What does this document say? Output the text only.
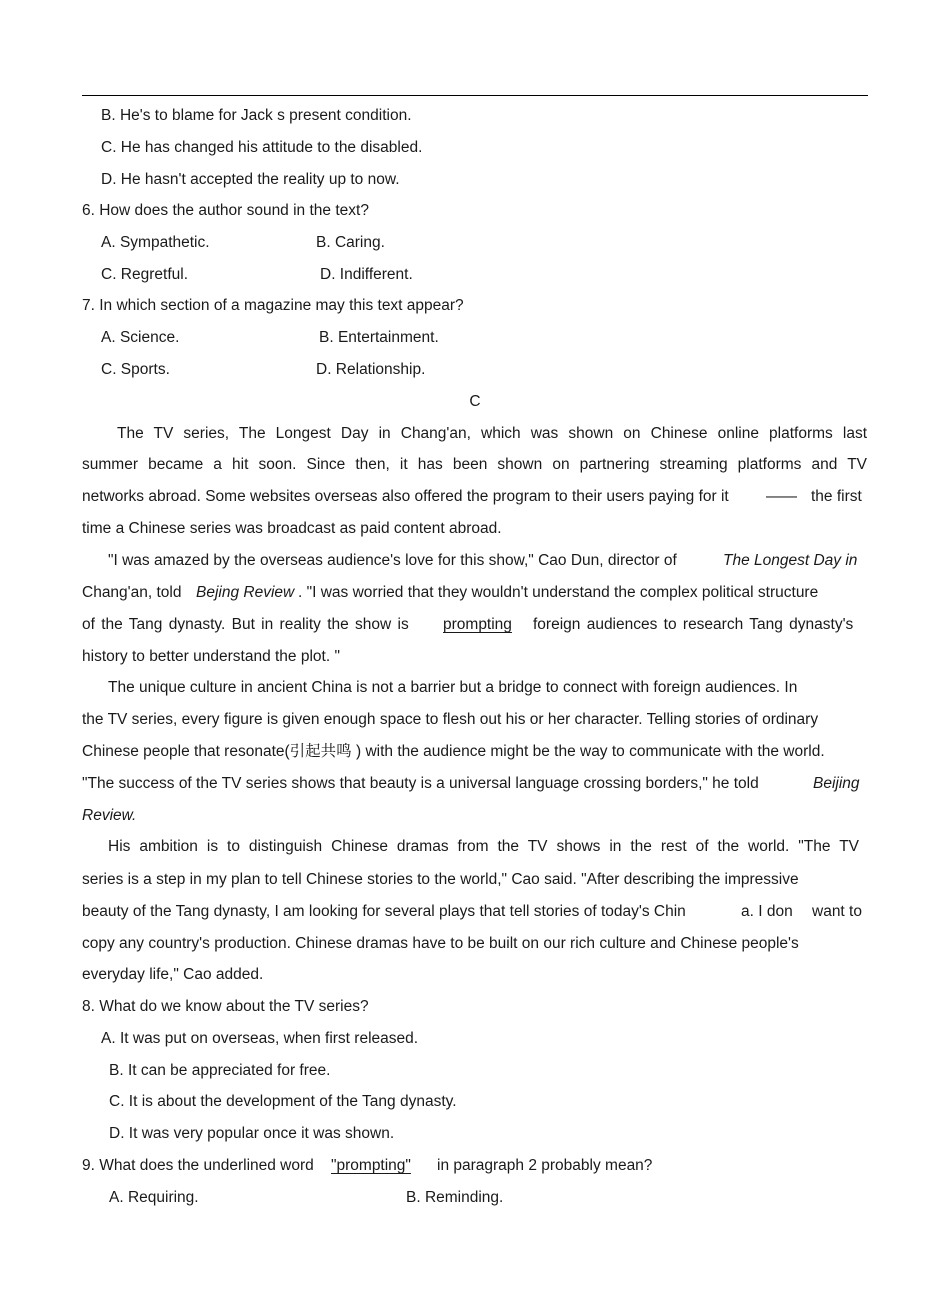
B. He's to blame for Jack s present condition.
C. He has changed his attitude to the disabled.
D. He hasn't accepted the reality up to now.
6. How does the author sound in the text?
A. Sympathetic.	B. Caring.
C. Regretful.	D. Indifferent.
7. In which section of a magazine may this text appear?
A. Science.	B. Entertainment.
C. Sports.	D. Relationship.
C
The TV series, The Longest Day in Chang'an, which was shown on Chinese online platforms last
summer became a hit soon. Since then, it has been shown on partnering streaming platforms and TV
networks abroad. Some websites overseas also offered the program to their users paying for it —— the first
time a Chinese series was broadcast as paid content abroad.
"I was amazed by the overseas audience's love for this show," Cao Dun, director of	The Longest Day in
Chang'an, told Bejing Review . "I was worried that they wouldn't understand the complex political structure
of the Tang dynasty. But in reality the show is prompting	foreign audiences to research Tang dynasty's
history to better understand the plot. "
The unique culture in ancient China is not a barrier but a bridge to connect with foreign audiences. In
the TV series, every figure is given enough space to flesh out his or her character. Telling stories of ordinary
Chinese people that resonate(引起共鸣 ) with the audience might be the way to communicate with the world.
"The success of the TV series shows that beauty is a universal language crossing borders," he told	Beijing
Review.
His ambition is to distinguish Chinese dramas from the TV shows in the rest of the world. "The TV
series is a step in my plan to tell Chinese stories to the world," Cao said. "After describing the impressive
beauty of the Tang dynasty, I am looking for several plays that tell stories of today's Chin	a. I don want to
copy any country's production. Chinese dramas have to be built on our rich culture and Chinese people's
everyday life," Cao added.
8. What do we know about the TV series?
A. It was put on overseas, when first released.
B. It can be appreciated for free.
C. It is about the development of the Tang dynasty.
D. It was very popular once it was shown.
9. What does the underlined word "prompting"	in paragraph 2 probably mean?
A. Requiring.	B. Reminding.
